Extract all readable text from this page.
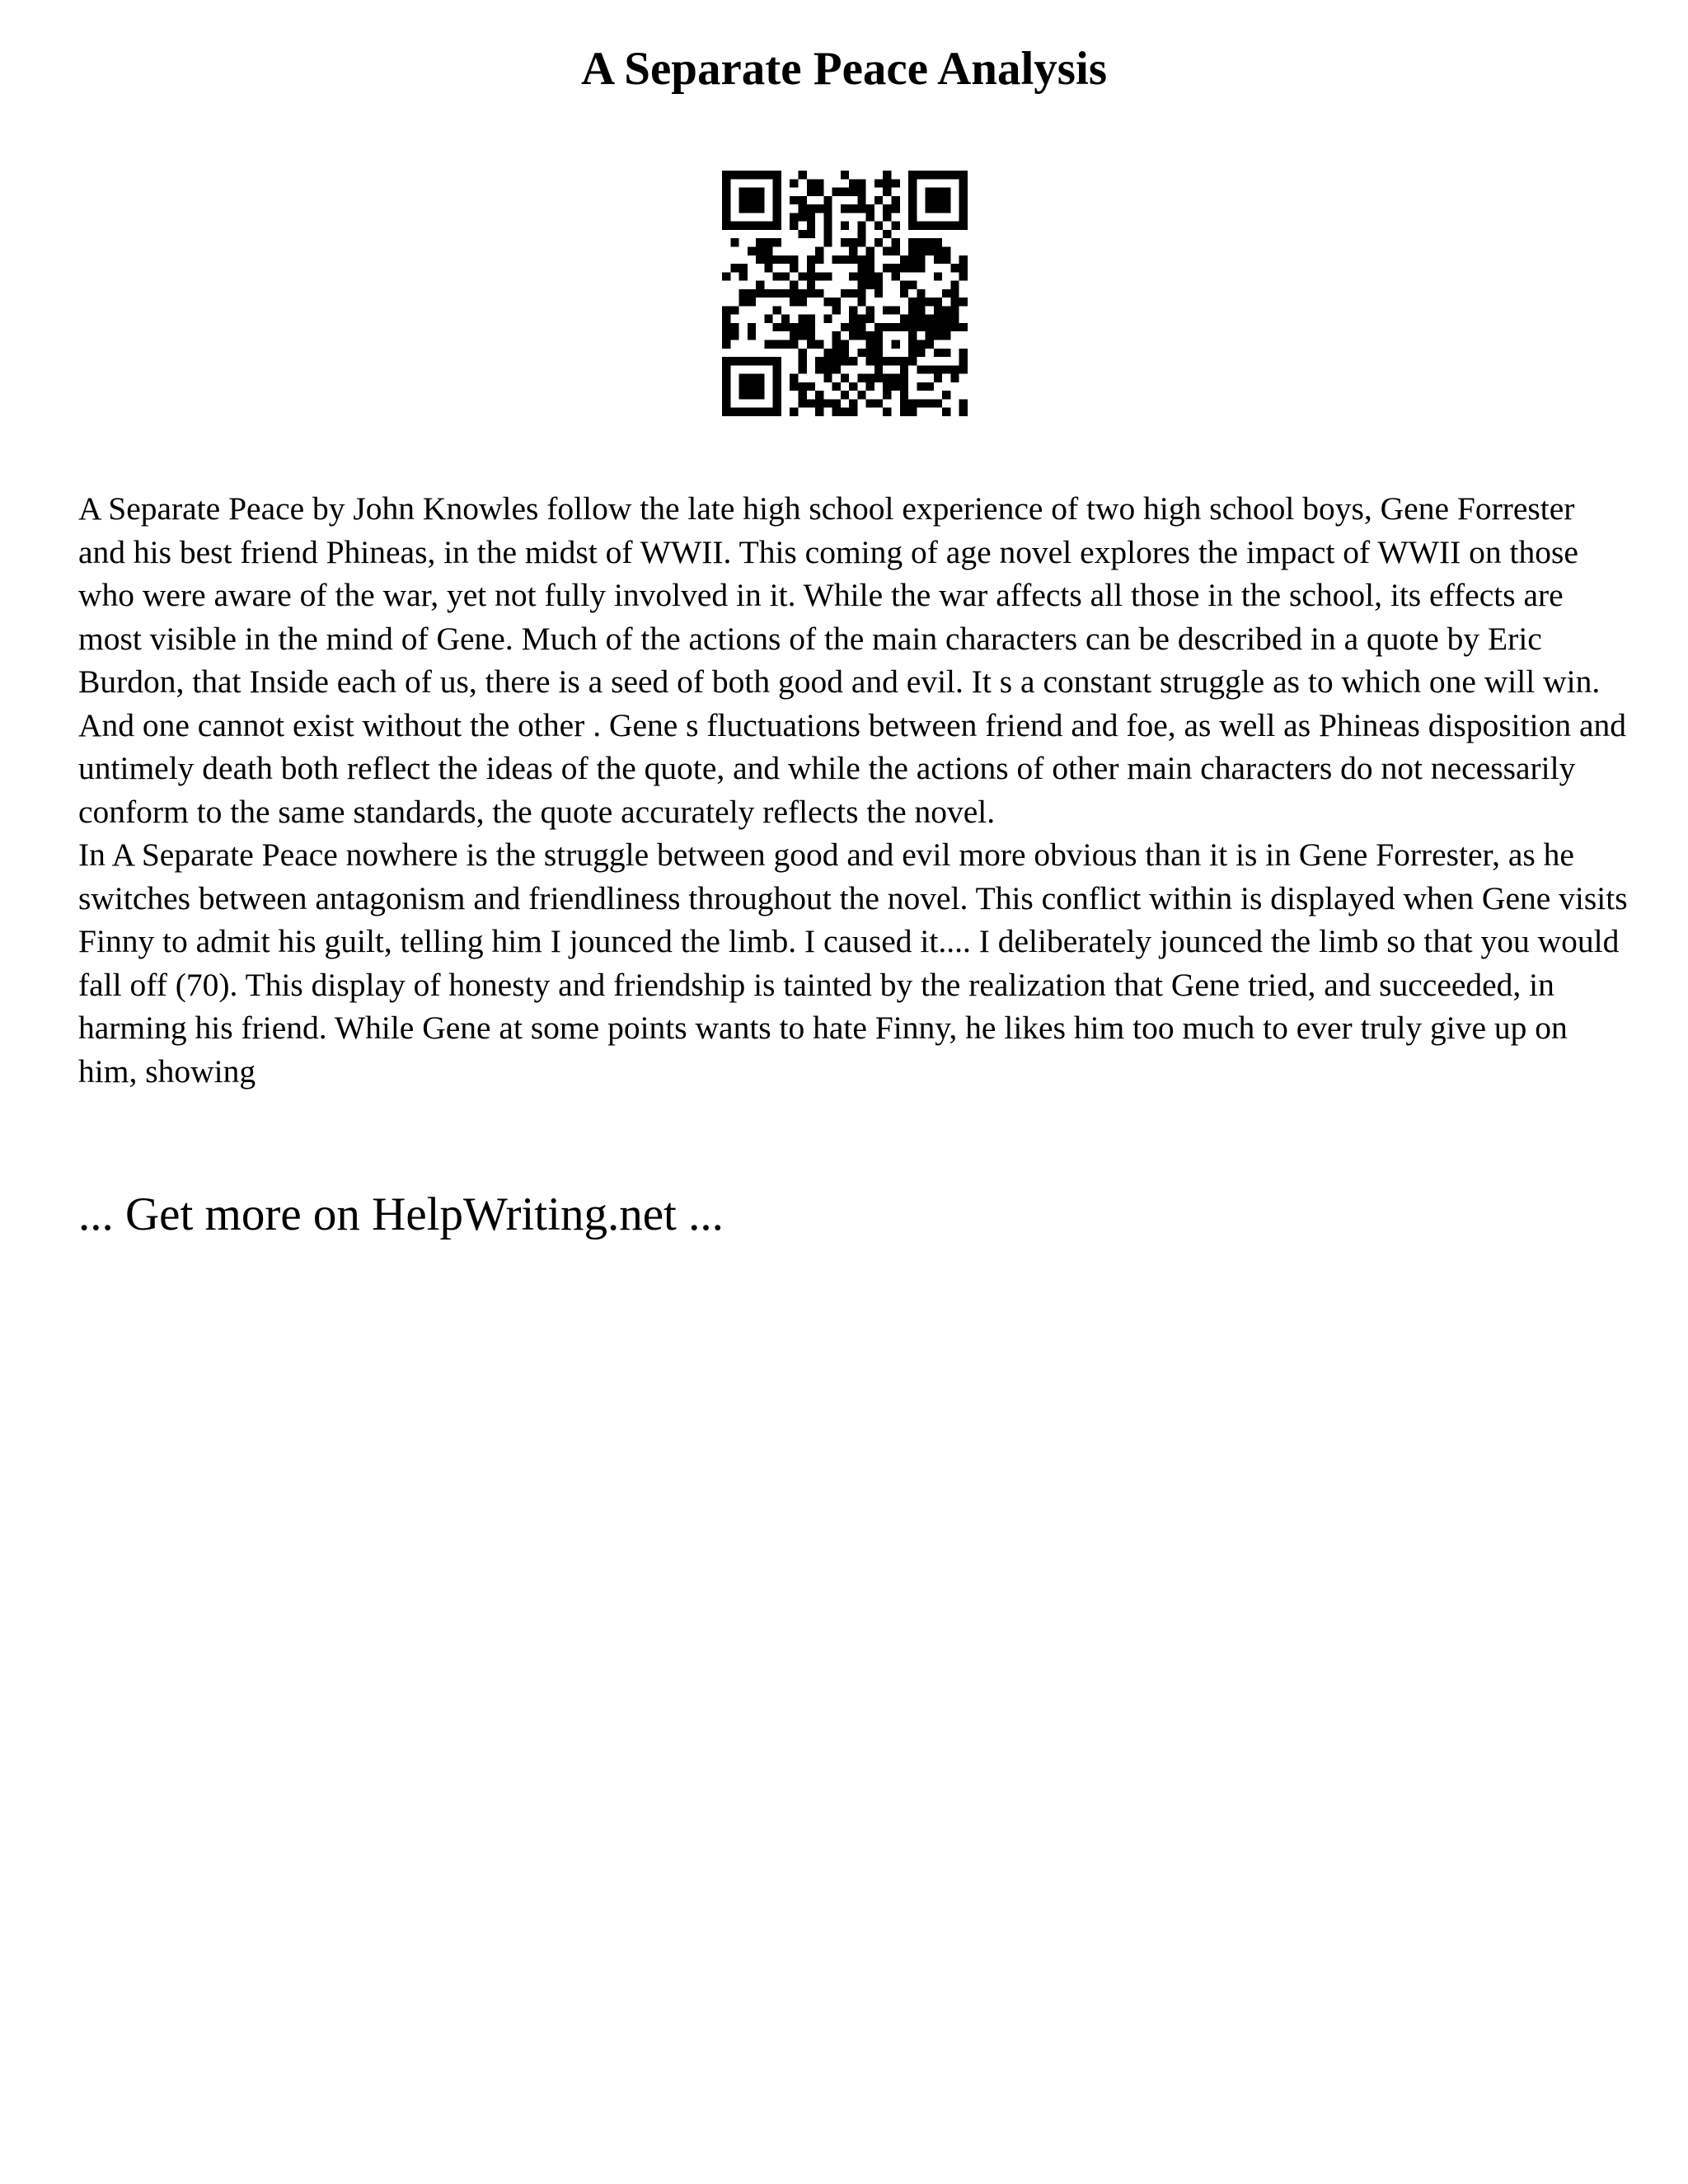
A Separate Peace Analysis

A Separate Peace by John Knowles follow the late high school experience of two high school boys, Gene Forrester and his best friend Phineas, in the midst of WWII. This coming of age novel explores the impact of WWII on those who were aware of the war, yet not fully involved in it. While the war affects all those in the school, its effects are most visible in the mind of Gene. Much of the actions of the main characters can be described in a quote by Eric Burdon, that Inside each of us, there is a seed of both good and evil. It s a constant struggle as to which one will win. And one cannot exist without the other . Gene s fluctuations between friend and foe, as well as Phineas disposition and untimely death both reflect the ideas of the quote, and while the actions of other main characters do not necessarily conform to the same standards, the quote accurately reflects the novel.

In A Separate Peace nowhere is the struggle between good and evil more obvious than it is in Gene Forrester, as he switches between antagonism and friendliness throughout the novel. This conflict within is displayed when Gene visits Finny to admit his guilt, telling him I jounced the limb. I caused it.... I deliberately jounced the limb so that you would fall off (70). This display of honesty and friendship is tainted by the realization that Gene tried, and succeeded, in harming his friend. While Gene at some points wants to hate Finny, he likes him too much to ever truly give up on him, showing

... Get more on HelpWriting.net ...
